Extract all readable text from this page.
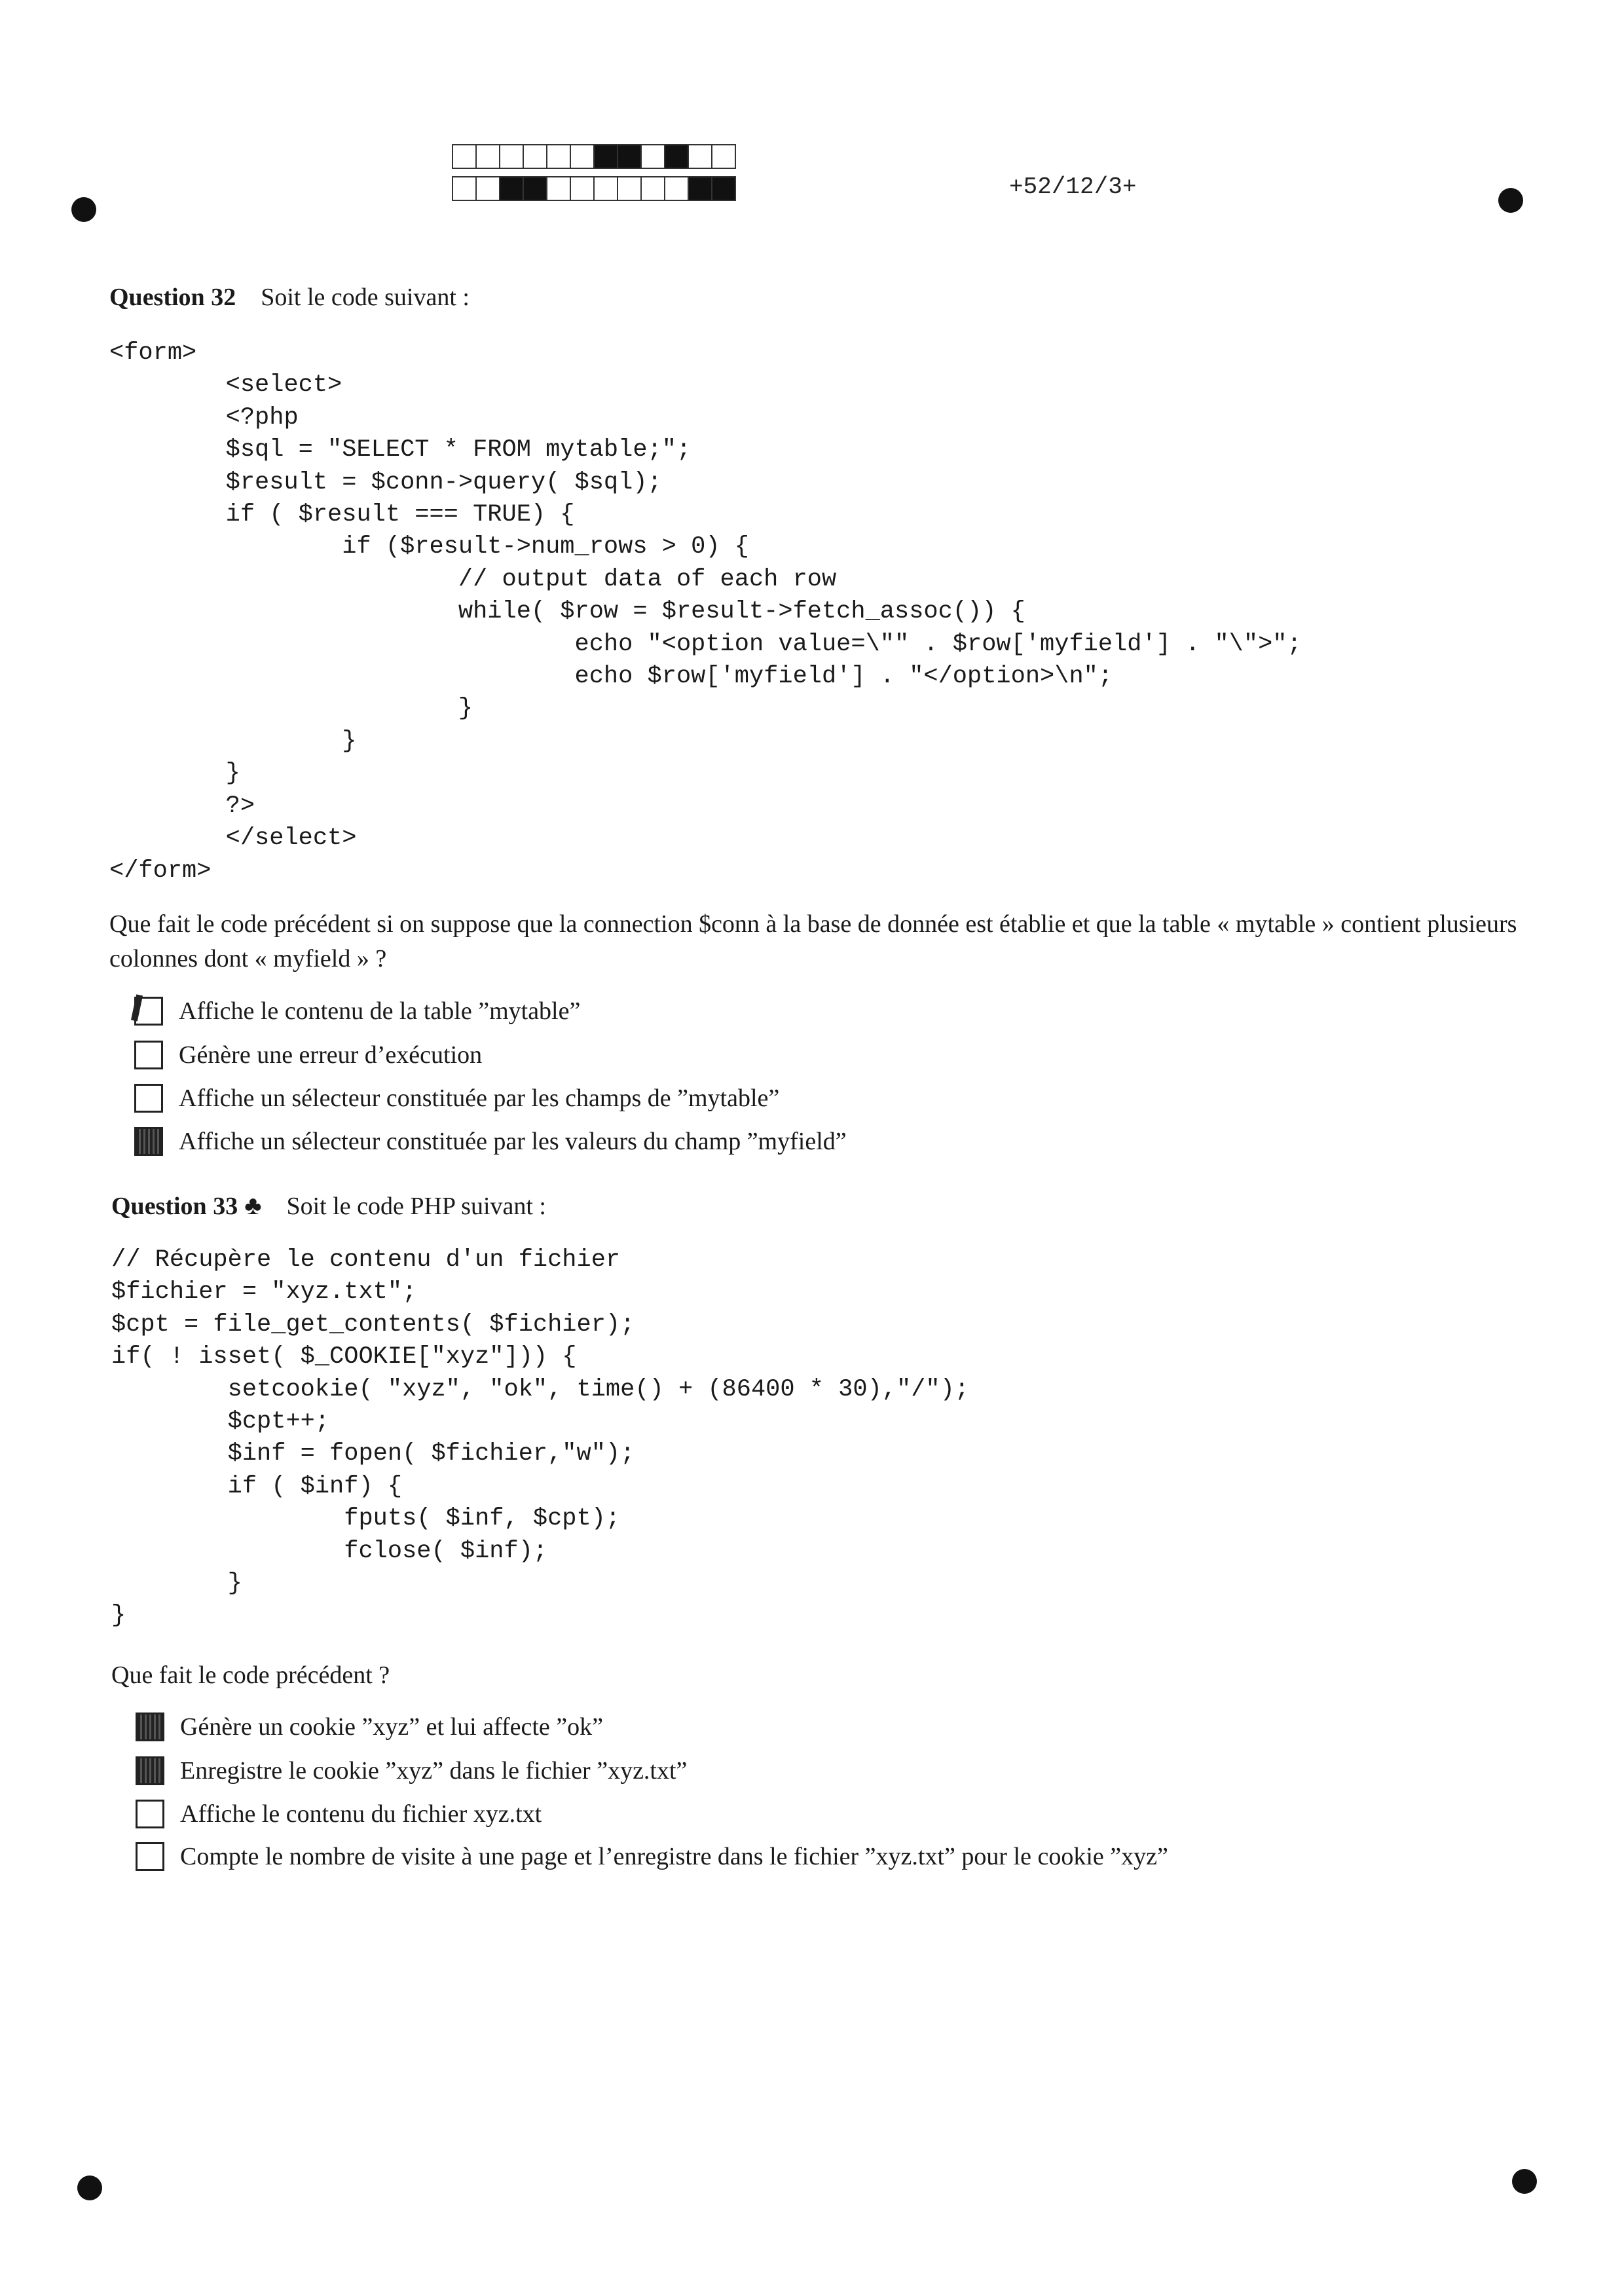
+52/12/3+
Question 32 Soit le code suivant :
<form>
<select>
<?php
$sql = "SELECT * FROM mytable;";
$result = $conn->query( $sql);
if ( $result === TRUE) {
if ($result->num_rows > 0) {
// output data of each row
while( $row = $result->fetch_assoc()) {
echo "<option value=\"" . $row['myfield'] . "\">";
echo $row['myfield'] . "</option>\n";
}
}
}
?>
</select>
</form>
Que fait le code précédent si on suppose que la connection $conn à la base de donnée est établie et que la table « mytable » contient plusieurs colonnes dont « myfield » ?
Affiche le contenu de la table ”mytable”
Génère une erreur d’exécution
Affiche un sélecteur constituée par les champs de ”mytable”
Affiche un sélecteur constituée par les valeurs du champ ”myfield”
Question 33 ♣ Soit le code PHP suivant :
// Récupère le contenu d'un fichier
$fichier = "xyz.txt";
$cpt = file_get_contents( $fichier);
if( ! isset( $_COOKIE["xyz"])) {
setcookie( "xyz", "ok", time() + (86400 * 30),"/");
$cpt++;
$inf = fopen( $fichier,"w");
if ( $inf) {
fputs( $inf, $cpt);
fclose( $inf);
}
}
Que fait le code précédent ?
Génère un cookie ”xyz” et lui affecte ”ok”
Enregistre le cookie ”xyz” dans le fichier ”xyz.txt”
Affiche le contenu du fichier xyz.txt
Compte le nombre de visite à une page et l’enregistre dans le fichier ”xyz.txt” pour le cookie ”xyz”
